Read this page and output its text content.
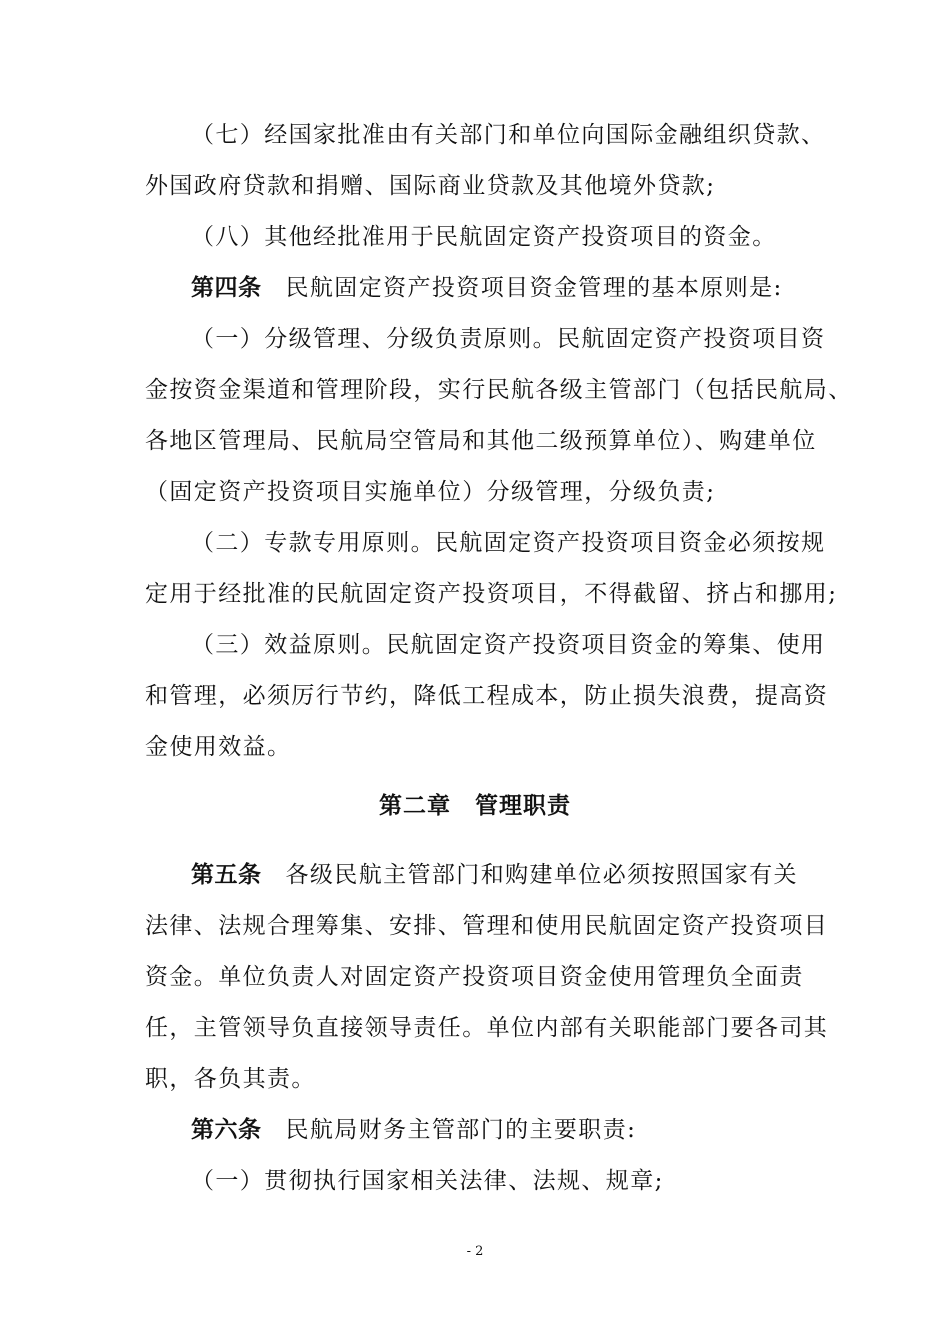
（七）经国家批准由有关部门和单位向国际金融组织贷款、
外国政府贷款和捐赠、国际商业贷款及其他境外贷款;
（八）其他经批准用于民航固定资产投资项目的资金。
第四条 民航固定资产投资项目资金管理的基本原则是:
（一）分级管理、分级负责原则。民航固定资产投资项目资
金按资金渠道和管理阶段，实行民航各级主管部门（包括民航局、
各地区管理局、民航局空管局和其他二级预算单位）、购建单位
（固定资产投资项目实施单位）分级管理，分级负责;
（二）专款专用原则。民航固定资产投资项目资金必须按规
定用于经批准的民航固定资产投资项目，不得截留、挤占和挪用;
（三）效益原则。民航固定资产投资项目资金的筹集、使用
和管理，必须厉行节约，降低工程成本，防止损失浪费，提高资
金使用效益。
第二章 管理职责
第五条 各级民航主管部门和购建单位必须按照国家有关
法律、法规合理筹集、安排、管理和使用民航固定资产投资项目
资金。单位负责人对固定资产投资项目资金使用管理负全面责
任，主管领导负直接领导责任。单位内部有关职能部门要各司其
职，各负其责。
第六条 民航局财务主管部门的主要职责:
（一）贯彻执行国家相关法律、法规、规章;
- 2
